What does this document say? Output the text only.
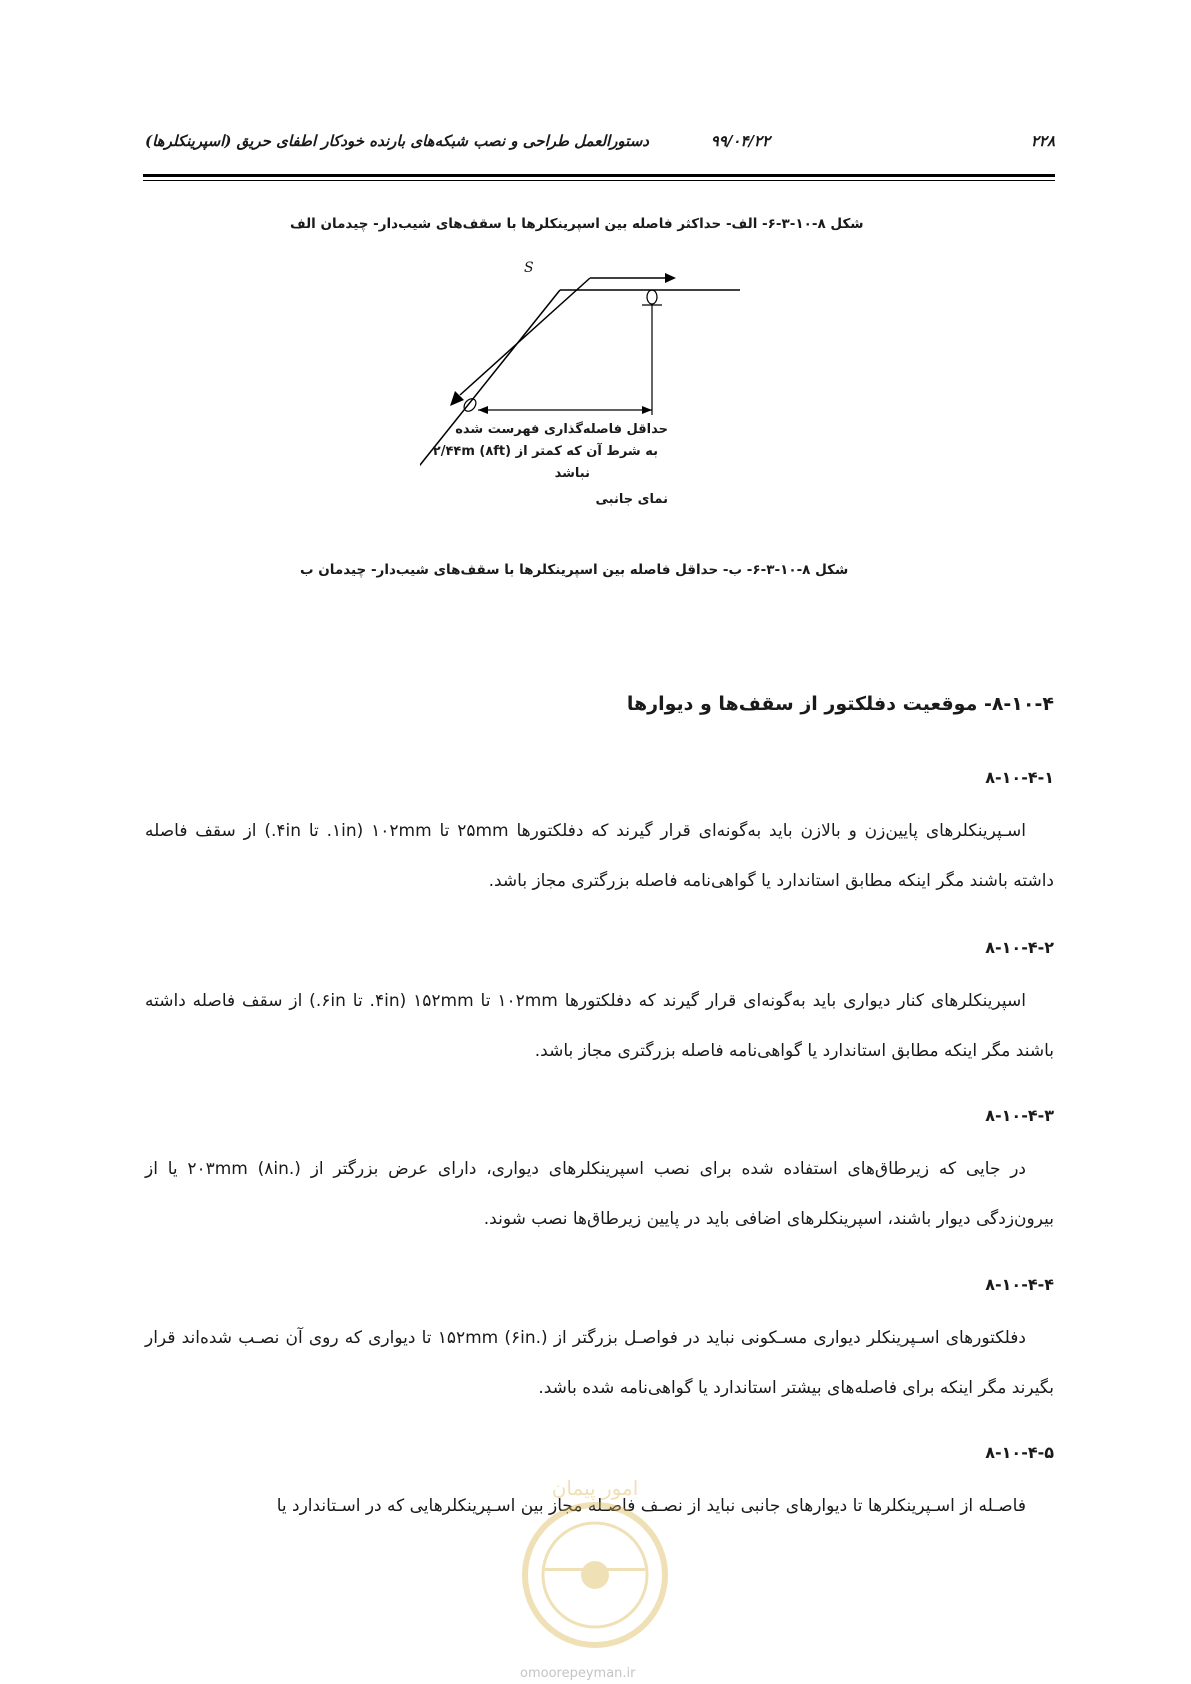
۲۲۸
۹۹/۰۴/۲۲
دستورالعمل طراحی و نصب شبکه‌های بارنده خودکار اطفای حریق (اسپرینکلرها)
شکل ۸-۱۰-۳-۶- الف- حداکثر فاصله بین اسپرینکلرها با سقف‌های شیب‌دار- چیدمان الف
S
حداقل فاصله‌گذاری فهرست شده
به شرط آن که کمتر از ۲/۴۴m (۸ft)
نباشد
نمای جانبی
شکل ۸-۱۰-۳-۶- ب- حداقل فاصله بین اسپرینکلرها با سقف‌های شیب‌دار- چیدمان ب
۸-۱۰-۴- موقعیت دفلکتور از سقف‌ها و دیوارها
۸-۱۰-۴-۱

اسـپرینکلرهای پایین‌زن و بالازن باید به‌گونه‌ای قرار گیرند که دفلکتورها ۲۵mm تا ۱۰۲mm (۱in. تا ۴in.) از سقف فاصله داشته باشند مگر اینکه مطابق استاندارد یا گواهی‌نامه فاصله بزرگتری مجاز باشد.

۸-۱۰-۴-۲

اسپرینکلرهای کنار دیواری باید به‌گونه‌ای قرار گیرند که دفلکتورها ۱۰۲mm تا ۱۵۲mm (۴in. تا ۶in.) از سقف فاصله داشته باشند مگر اینکه مطابق استاندارد یا گواهی‌نامه فاصله بزرگتری مجاز باشد.

۸-۱۰-۴-۳

در جایی که زیرطاق‌های استفاده شده برای نصب اسپرینکلرهای دیواری، دارای عرض بزرگتر از ۲۰۳mm (۸in.) یا از بیرون‌زدگی دیوار باشند، اسپرینکلرهای اضافی باید در پایین زیرطاق‌ها نصب شوند.

۸-۱۰-۴-۴

دفلکتورهای اسـپرینکلر دیواری مسـکونی نباید در فواصـل بزرگتر از ۱۵۲mm (۶in.) تا دیواری که روی آن نصـب شده‌اند قرار بگیرند مگر اینکه برای فاصله‌های بیشتر استاندارد یا گواهی‌نامه شده باشد.

۸-۱۰-۴-۵

فاصـله از اسـپرینکلرها تا دیوارهای جانبی نباید از نصـف فاصـله مجاز بین اسـپرینکلرهایی که در اسـتاندارد یا

امور پیمان
omoorepeyman.ir
